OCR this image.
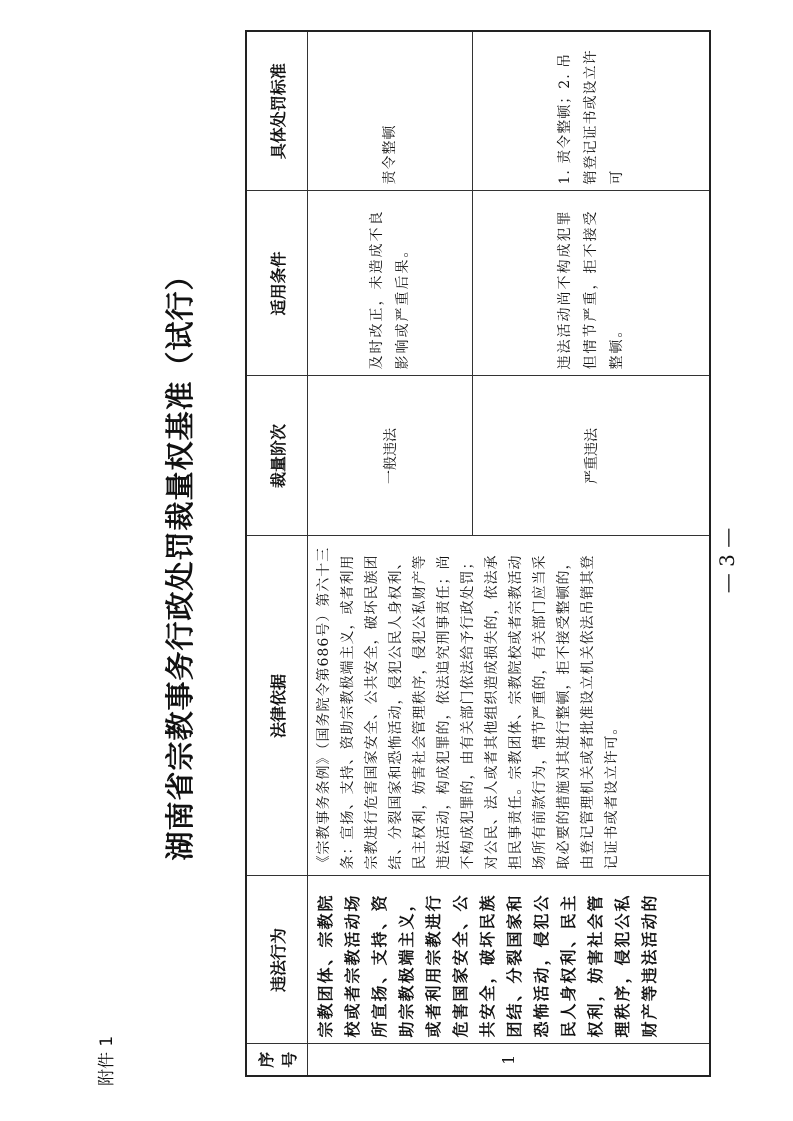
附件 1
湖南省宗教事务行政处罚裁量权基准（试行）
序号	违法行为	法律依据	裁量阶次	适用条件	具体处罚标准
1	宗教团体、宗教院校或者宗教活动场所宣扬、支持、资助宗教极端主义，或者利用宗教进行危害国家安全、公共安全，破坏民族团结、分裂国家和恐怖活动，侵犯公民人身权利、民主权利，妨害社会管理秩序，侵犯公私财产等违法活动的	《宗教事务条例》（国务院令第686号）第六十三条：宣扬、支持、资助宗教极端主义，或者利用宗教进行危害国家安全、公共安全，破坏民族团结、分裂国家和恐怖活动，侵犯公民人身权利、民主权利，妨害社会管理秩序，侵犯公私财产等违法活动，构成犯罪的，依法追究刑事责任；尚不构成犯罪的，由有关部门依法给予行政处罚；对公民、法人或者其他组织造成损失的，依法承担民事责任。宗教团体、宗教院校或者宗教活动场所有前款行为，情节严重的，有关部门应当采取必要的措施对其进行整顿，拒不接受整顿的，由登记管理机关或者批准设立机关依法吊销其登记证书或者设立许可。	一般违法	及时改正，未造成不良影响或严重后果。	责令整顿
			严重违法	违法活动尚不构成犯罪但情节严重，拒不接受整顿。	1. 责令整顿；2. 吊销登记证书或设立许可
— 3 —
